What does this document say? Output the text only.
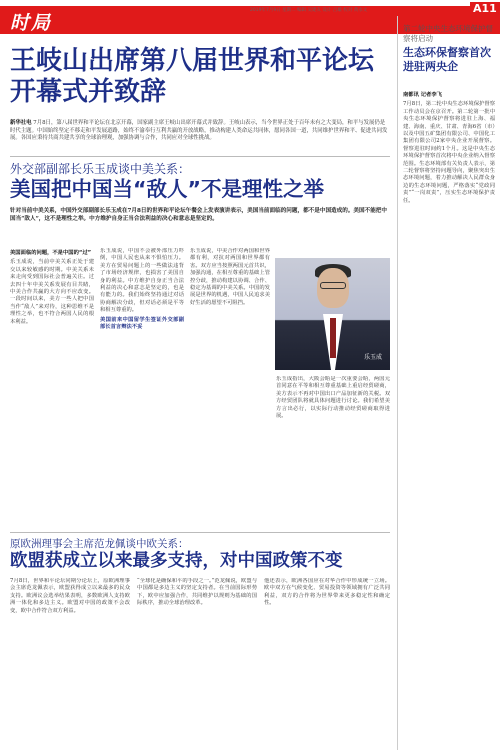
时局
2019年7月9日 星期二 编辑 吴建友 设计 吕雄 校对 黄永文	A11
王岐山出席第八届世界和平论坛开幕式并致辞
新华社电 7月8日，第八届世界和平论坛在北京开幕，国家副主席王岐山出席开幕式并致辞。王岐山表示，当今世界正处于百年未有之大变局，和平与发展仍是时代主题。中国始终坚定不移走和平发展道路，始终不渝奉行互利共赢的开放战略，推动构建人类命运共同体，愿同各国一道，共同维护世界和平、促进共同发展。各国应秉持共商共建共享的全球治理观，加强协调与合作，共同应对全球性挑战。
外交部副部长乐玉成谈中美关系：
美国把中国当“敌人”不是理性之举
针对当前中美关系，中国外交部副部长乐玉成在7月8日的世界和平论坛午餐会上发表演讲表示，美国当前面临的问题，都不是中国造成的。美国不能把中国当“敌人”，这不是理性之举。中方维护自身正当合法利益的决心和意志是坚定的。
美国面临的问题，不是中国的“过”
乐玉成说，当前中美关系正处于建交以来较敏感的时期。中美关系未来走向受到国际社会普遍关注。过去四十年中美关系发展有目共睹，中美合作共赢的大方向不应改变。一段时间以来，美方一些人把中国当作“敌人”来对待，这种思维不是理性之举，也不符合两国人民的根本利益。
乐玉成说，中国不会被外部压力吓倒，中国人民也从来不惧怕压力。美方在贸易问题上的一些做法违背了市场经济规律，也损害了美国自身的利益。中方维护自身正当合法利益的决心和意志是坚定的，也是有能力的。我们始终坚持通过对话协商解决分歧，但对话必须是平等和相互尊重的。
美国前来中国留学生签证外交部副部长首言辩法不妥
乐玉成说，中美合作对两国和世界都有利，对抗对两国和世界都有害。双方应当按照两国元首共识，加强沟通，在相互尊重的基础上管控分歧，推动构建以协调、合作、稳定为基调的中美关系。中国的发展是世界的机遇，中国人民追求美好生活的愿望不可阻挡。
乐玉成指出，大阪会晤是一次重要会晤，两国元首同意在平等和相互尊重基础上重启经贸磋商，美方表示不再对中国出口产品加征新的关税。双方经贸团队将就具体问题进行讨论。我们希望美方言出必行，以实际行动推动经贸磋商取得进展。
乐玉成
原欧洲理事会主席范龙佩谈中欧关系：
欧盟获成立以来最多支持，对中国政策不变
7月8日，世界和平论坛同期分论坛上，原欧洲理事会主席范龙佩表示，欧盟获得成立以来最多的民众支持。欧洲议会选举结果表明，多数欧洲人支持欧洲一体化和多边主义。欧盟对中国的政策不会改变，欧中合作符合双方利益。
“全球化是确保和平的手段之一。”范龙佩说，欧盟与中国都是多边主义的坚定支持者。在当前国际形势下，欧中应加强合作，共同维护以规则为基础的国际秩序，推动全球治理改革。
他还表示，欧洲各国应在对华合作中形成统一立场。欧中双方在气候变化、贸易投资等领域拥有广泛共同利益，双方的合作将为世界带来更多稳定性和确定性。
第二轮中央生态环境保护督察将启动
生态环保督察首次进驻两央企
南都讯 记者李飞
7月8日，第二轮中央生态环境保护督察工作动员会在京召开。第二轮第一批中央生态环境保护督察将进驻上海、福建、海南、重庆、甘肃、青海6省（市）以及中国五矿集团有限公司、中国化工集团有限公司2家中央企业开展督察。督察进驻时间约1个月。这是中央生态环境保护督察首次将中央企业纳入督察范围。生态环境部有关负责人表示，第二轮督察将坚持问题导向，聚焦突出生态环境问题，着力推动解决人民群众身边的生态环境问题，严格落实“党政同责”“一岗双责”，压实生态环境保护责任。
